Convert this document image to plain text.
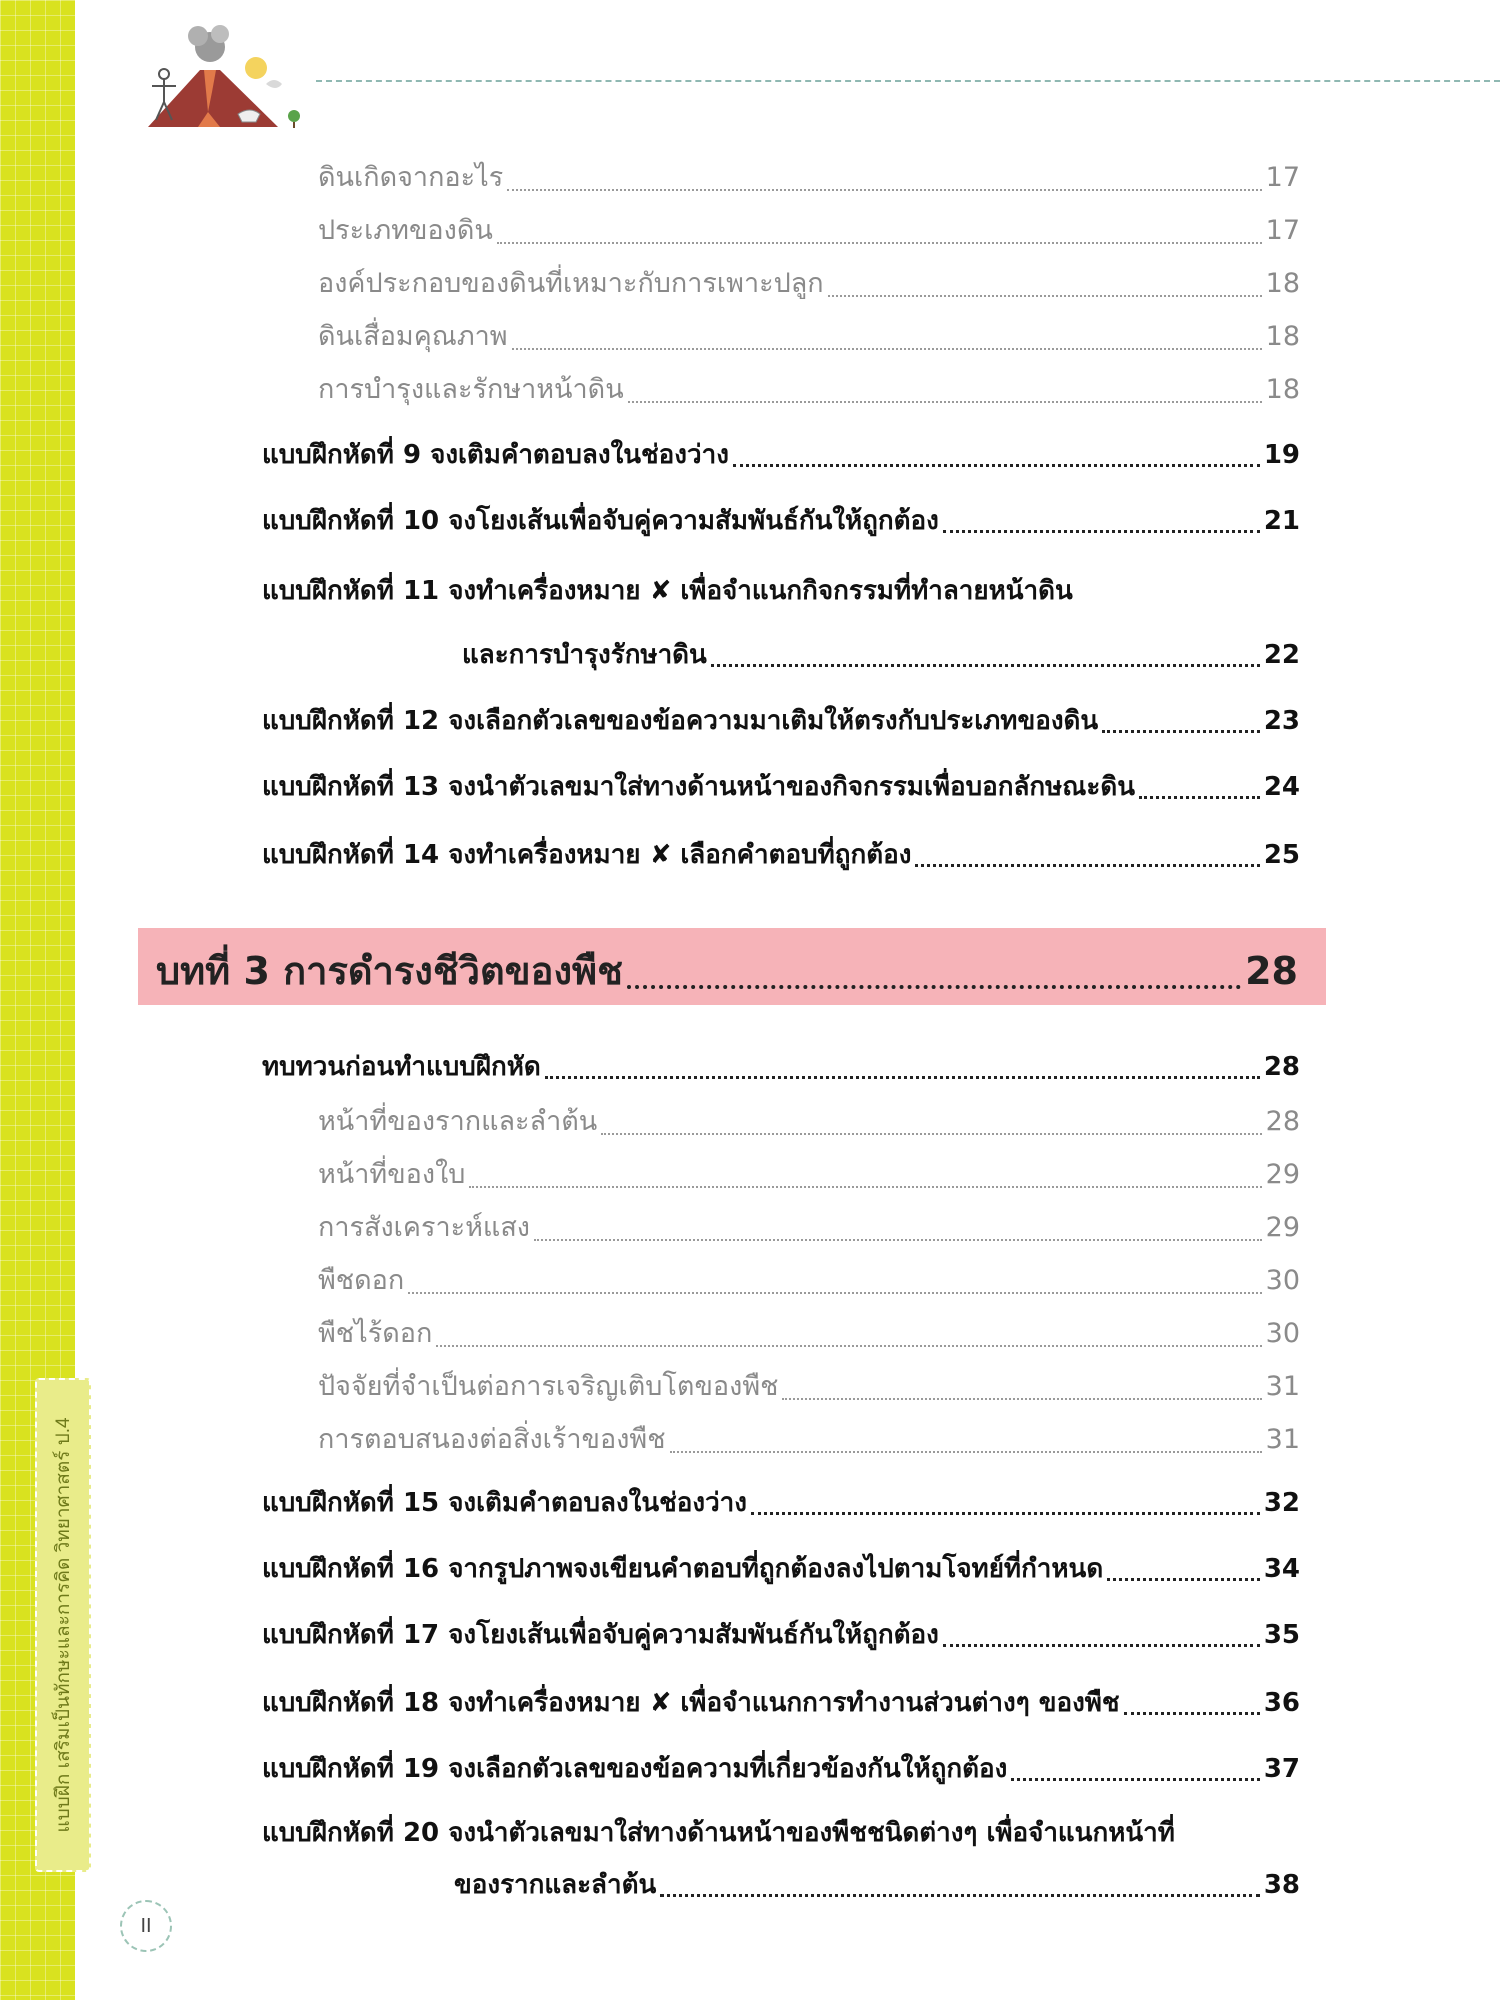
แบบฝึก เสริมเป็นทักษะและการคิด วิทยาศาสตร์ ป.4
ดินเกิดจากอะไร	17
ประเภทของดิน	17
องค์ประกอบของดินที่เหมาะกับการเพาะปลูก	18
ดินเสื่อมคุณภาพ	18
การบำรุงและรักษาหน้าดิน	18
แบบฝึกหัดที่ 9 จงเติมคำตอบลงในช่องว่าง	19
แบบฝึกหัดที่ 10 จงโยงเส้นเพื่อจับคู่ความสัมพันธ์กันให้ถูกต้อง	21
แบบฝึกหัดที่ 11 จงทำเครื่องหมาย ✘ เพื่อจำแนกกิจกรรมที่ทำลายหน้าดิน
และการบำรุงรักษาดิน	22
แบบฝึกหัดที่ 12 จงเลือกตัวเลขของข้อความมาเติมให้ตรงกับประเภทของดิน	23
แบบฝึกหัดที่ 13 จงนำตัวเลขมาใส่ทางด้านหน้าของกิจกรรมเพื่อบอกลักษณะดิน	24
แบบฝึกหัดที่ 14 จงทำเครื่องหมาย ✘ เลือกคำตอบที่ถูกต้อง	25
บทที่ 3 การดำรงชีวิตของพืช	28
ทบทวนก่อนทำแบบฝึกหัด	28
หน้าที่ของรากและลำต้น	28
หน้าที่ของใบ	29
การสังเคราะห์แสง	29
พืชดอก	30
พืชไร้ดอก	30
ปัจจัยที่จำเป็นต่อการเจริญเติบโตของพืช	31
การตอบสนองต่อสิ่งเร้าของพืช	31
แบบฝึกหัดที่ 15 จงเติมคำตอบลงในช่องว่าง	32
แบบฝึกหัดที่ 16 จากรูปภาพจงเขียนคำตอบที่ถูกต้องลงไปตามโจทย์ที่กำหนด	34
แบบฝึกหัดที่ 17 จงโยงเส้นเพื่อจับคู่ความสัมพันธ์กันให้ถูกต้อง	35
แบบฝึกหัดที่ 18 จงทำเครื่องหมาย ✘ เพื่อจำแนกการทำงานส่วนต่างๆ ของพืช	36
แบบฝึกหัดที่ 19 จงเลือกตัวเลขของข้อความที่เกี่ยวข้องกันให้ถูกต้อง	37
แบบฝึกหัดที่ 20 จงนำตัวเลขมาใส่ทางด้านหน้าของพืชชนิดต่างๆ เพื่อจำแนกหน้าที่
ของรากและลำต้น	38
II
